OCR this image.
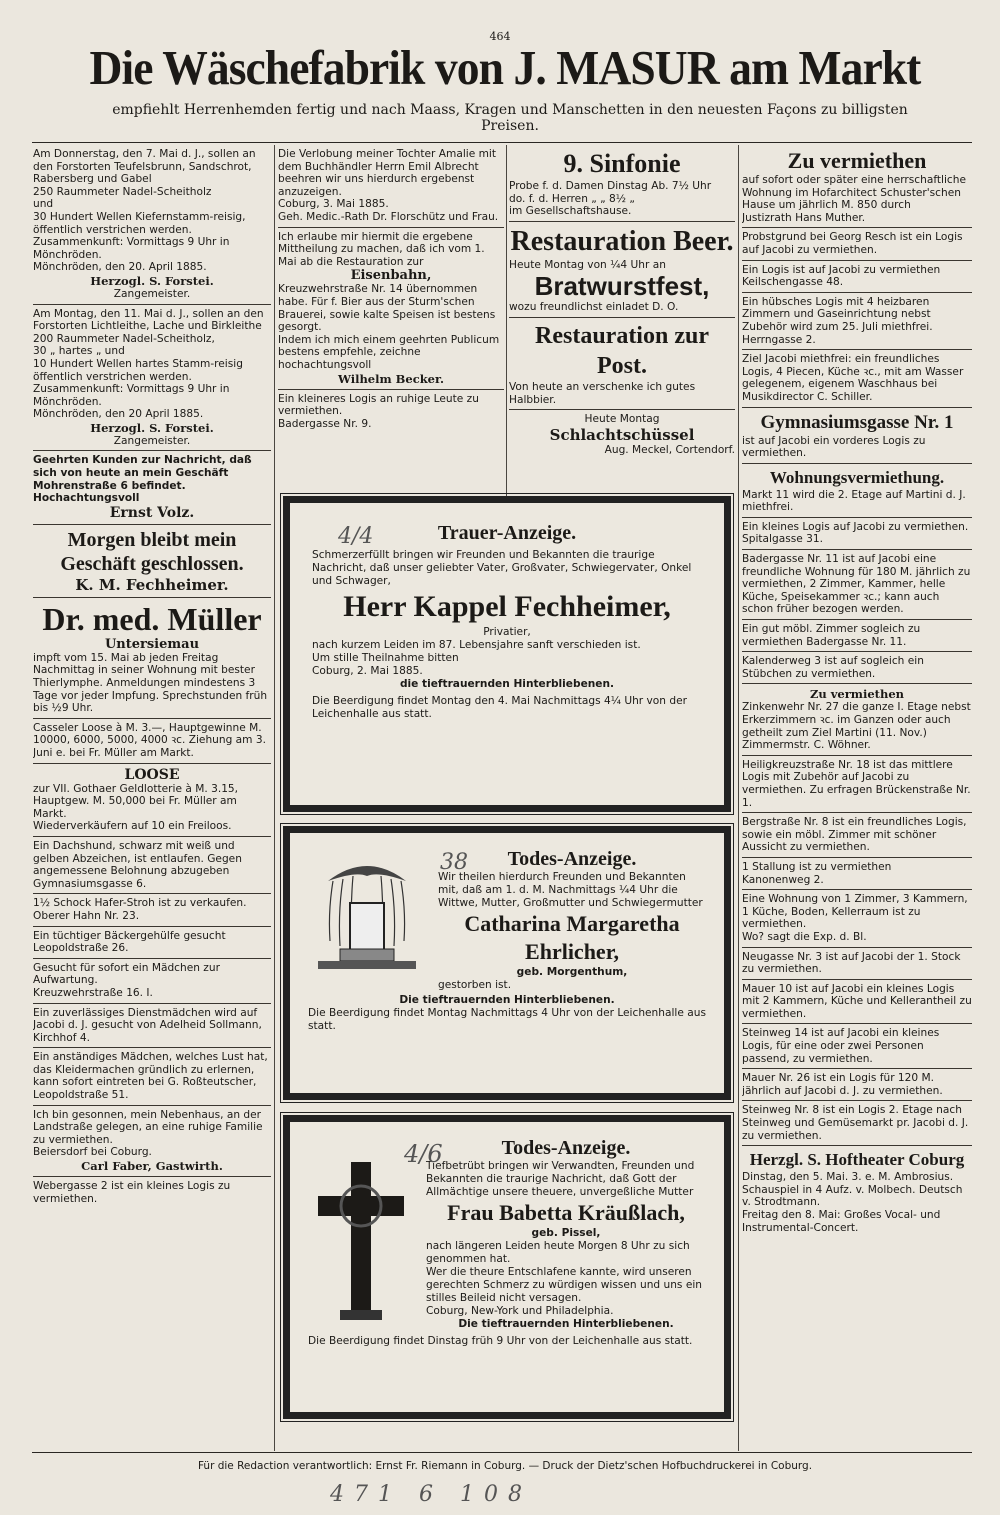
464
Die Wäschefabrik von J. MASUR am Markt
empfiehlt Herrenhemden fertig und nach Maass, Kragen und Manschetten in den neuesten Façons zu billigsten Preisen.
Am Donnerstag, den 7. Mai d. J., sollen an den Forstorten Teufelsbrunn, Sandschrot, Rabersberg und Gabel
250 Raummeter Nadel-Scheitholz
und
30 Hundert Wellen Kiefernstamm-reisig,
öffentlich verstrichen werden.
Zusammenkunft: Vormittags 9 Uhr in Mönchröden.
Mönchröden, den 20. April 1885.
Herzogl. S. Forstei.
Zangemeister.
Am Montag, den 11. Mai d. J., sollen an den Forstorten Lichtleithe, Lache und Birkleithe
200 Raummeter Nadel-Scheitholz,
30 „ hartes „ und
10 Hundert Wellen hartes Stamm-reisig
öffentlich verstrichen werden.
Zusammenkunft: Vormittags 9 Uhr in Mönchröden.
Mönchröden, den 20 April 1885.
Herzogl. S. Forstei.
Zangemeister.
Geehrten Kunden zur Nachricht, daß sich von heute an mein Geschäft Mohrenstraße 6 befindet. Hochachtungsvoll
Ernst Volz.
Morgen bleibt mein Geschäft geschlossen.
K. M. Fechheimer.
Dr. med. Müller
Untersiemau
impft vom 15. Mai ab jeden Freitag Nachmittag in seiner Wohnung mit bester Thierlymphe. Anmeldungen mindestens 3 Tage vor jeder Impfung. Sprechstunden früh bis ½9 Uhr.
Casseler Loose à M. 3.—, Hauptgewinne M. 10000, 6000, 5000, 4000 ꝛc. Ziehung am 3. Juni e. bei Fr. Müller am Markt.
LOOSE
zur VII. Gothaer Geldlotterie à M. 3.15, Hauptgew. M. 50,000 bei Fr. Müller am Markt.
Wiederverkäufern auf 10 ein Freiloos.
Ein Dachshund, schwarz mit weiß und gelben Abzeichen, ist entlaufen. Gegen angemessene Belohnung abzugeben Gymnasiumsgasse 6.
1½ Schock Hafer-Stroh ist zu verkaufen. Oberer Hahn Nr. 23.
Ein tüchtiger Bäckergehülfe gesucht
Leopoldstraße 26.
Gesucht für sofort ein Mädchen zur Aufwartung.
Kreuzwehrstraße 16. I.
Ein zuverlässiges Dienstmädchen wird auf Jacobi d. J. gesucht von Adelheid Sollmann, Kirchhof 4.
Ein anständiges Mädchen, welches Lust hat, das Kleidermachen gründlich zu erlernen, kann sofort eintreten bei G. Roßteutscher, Leopoldstraße 51.
Ich bin gesonnen, mein Nebenhaus, an der Landstraße gelegen, an eine ruhige Familie zu vermiethen.
Beiersdorf bei Coburg.
Carl Faber, Gastwirth.
Webergasse 2 ist ein kleines Logis zu vermiethen.
Die Verlobung meiner Tochter Amalie mit dem Buchhändler Herrn Emil Albrecht beehren wir uns hierdurch ergebenst anzuzeigen.
Coburg, 3. Mai 1885.
Geh. Medic.-Rath Dr. Florschütz und Frau.
Ich erlaube mir hiermit die ergebene Mittheilung zu machen, daß ich vom 1. Mai ab die Restauration zur
Eisenbahn,
Kreuzwehrstraße Nr. 14 übernommen habe. Für f. Bier aus der Sturm'schen Brauerei, sowie kalte Speisen ist bestens gesorgt.
Indem ich mich einem geehrten Publicum bestens empfehle, zeichne
hochachtungsvoll
Wilhelm Becker.
Ein kleineres Logis an ruhige Leute zu vermiethen.
Badergasse Nr. 9.
9. Sinfonie
Probe f. d. Damen Dinstag Ab. 7½ Uhr
do. f. d. Herren „ „ 8½ „
im Gesellschaftshause.
Restauration Beer.
Heute Montag von ¼4 Uhr an
Bratwurstfest,
wozu freundlichst einladet D. O.
Restauration zur Post.
Von heute an verschenke ich gutes
Halbbier.
Heute Montag
Schlachtschüssel
Aug. Meckel, Cortendorf.
Zu vermiethen
auf sofort oder später eine herrschaftliche Wohnung im Hofarchitect Schuster'schen Hause um jährlich M. 850 durch
Justizrath Hans Muther.
Probstgrund bei Georg Resch ist ein Logis auf Jacobi zu vermiethen.
Ein Logis ist auf Jacobi zu vermiethen Keilschengasse 48.
Ein hübsches Logis mit 4 heizbaren Zimmern und Gaseinrichtung nebst Zubehör wird zum 25. Juli miethfrei.
Herrngasse 2.
Ziel Jacobi miethfrei: ein freundliches Logis, 4 Piecen, Küche ꝛc., mit am Wasser gelegenem, eigenem Waschhaus bei
Musikdirector C. Schiller.
Gymnasiumsgasse Nr. 1
ist auf Jacobi ein vorderes Logis zu vermiethen.
Wohnungsvermiethung.
Markt 11 wird die 2. Etage auf Martini d. J. miethfrei.
Ein kleines Logis auf Jacobi zu vermiethen. Spitalgasse 31.
Badergasse Nr. 11 ist auf Jacobi eine freundliche Wohnung für 180 M. jährlich zu vermiethen, 2 Zimmer, Kammer, helle Küche, Speisekammer ꝛc.; kann auch schon früher bezogen werden.
Ein gut möbl. Zimmer sogleich zu vermiethen Badergasse Nr. 11.
Kalenderweg 3 ist auf sogleich ein Stübchen zu vermiethen.
Zu vermiethen
Zinkenwehr Nr. 27 die ganze I. Etage nebst Erkerzimmern ꝛc. im Ganzen oder auch getheilt zum Ziel Martini (11. Nov.) Zimmermstr. C. Wöhner.
Heiligkreuzstraße Nr. 18 ist das mittlere Logis mit Zubehör auf Jacobi zu vermiethen. Zu erfragen Brückenstraße Nr. 1.
Bergstraße Nr. 8 ist ein freundliches Logis, sowie ein möbl. Zimmer mit schöner Aussicht zu vermiethen.
1 Stallung ist zu vermiethen
Kanonenweg 2.
Eine Wohnung von 1 Zimmer, 3 Kammern, 1 Küche, Boden, Kellerraum ist zu vermiethen.
Wo? sagt die Exp. d. Bl.
Neugasse Nr. 3 ist auf Jacobi der 1. Stock zu vermiethen.
Mauer 10 ist auf Jacobi ein kleines Logis mit 2 Kammern, Küche und Kellerantheil zu vermiethen.
Steinweg 14 ist auf Jacobi ein kleines Logis, für eine oder zwei Personen passend, zu vermiethen.
Mauer Nr. 26 ist ein Logis für 120 M. jährlich auf Jacobi d. J. zu vermiethen.
Steinweg Nr. 8 ist ein Logis 2. Etage nach Steinweg und Gemüsemarkt pr. Jacobi d. J. zu vermiethen.
Herzgl. S. Hoftheater Coburg
Dinstag, den 5. Mai. 3. e. M. Ambrosius. Schauspiel in 4 Aufz. v. Molbech. Deutsch v. Strodtmann.
Freitag den 8. Mai: Großes Vocal- und Instrumental-Concert.
Trauer-Anzeige.
Schmerzerfüllt bringen wir Freunden und Bekannten die traurige Nachricht, daß unser geliebter Vater, Großvater, Schwiegervater, Onkel und Schwager,
Herr Kappel Fechheimer,
Privatier,
nach kurzem Leiden im 87. Lebensjahre sanft verschieden ist.
Um stille Theilnahme bitten
Coburg, 2. Mai 1885.
die tieftrauernden Hinterbliebenen.
Die Beerdigung findet Montag den 4. Mai Nachmittags 4¼ Uhr von der Leichenhalle aus statt.
Todes-Anzeige.
Wir theilen hierdurch Freunden und Bekannten mit, daß am 1. d. M. Nachmittags ¼4 Uhr die Wittwe, Mutter, Großmutter und Schwiegermutter
Catharina Margaretha Ehrlicher,
geb. Morgenthum,
gestorben ist.
Die tieftrauernden Hinterbliebenen.
Die Beerdigung findet Montag Nachmittags 4 Uhr von der Leichenhalle aus statt.
Todes-Anzeige.
Tiefbetrübt bringen wir Verwandten, Freunden und Bekannten die traurige Nachricht, daß Gott der Allmächtige unsere theuere, unvergeßliche Mutter
Frau Babetta Kräußlach,
geb. Pissel,
nach längeren Leiden heute Morgen 8 Uhr zu sich genommen hat.
Wer die theure Entschlafene kannte, wird unseren gerechten Schmerz zu würdigen wissen und uns ein stilles Beileid nicht versagen.
Coburg, New-York und Philadelphia.
Die tieftrauernden Hinterbliebenen.
Die Beerdigung findet Dinstag früh 9 Uhr von der Leichenhalle aus statt.
Für die Redaction verantwortlich: Ernst Fr. Riemann in Coburg. — Druck der Dietz'schen Hofbuchdruckerei in Coburg.
4/4
38
4/6
471 6 108
